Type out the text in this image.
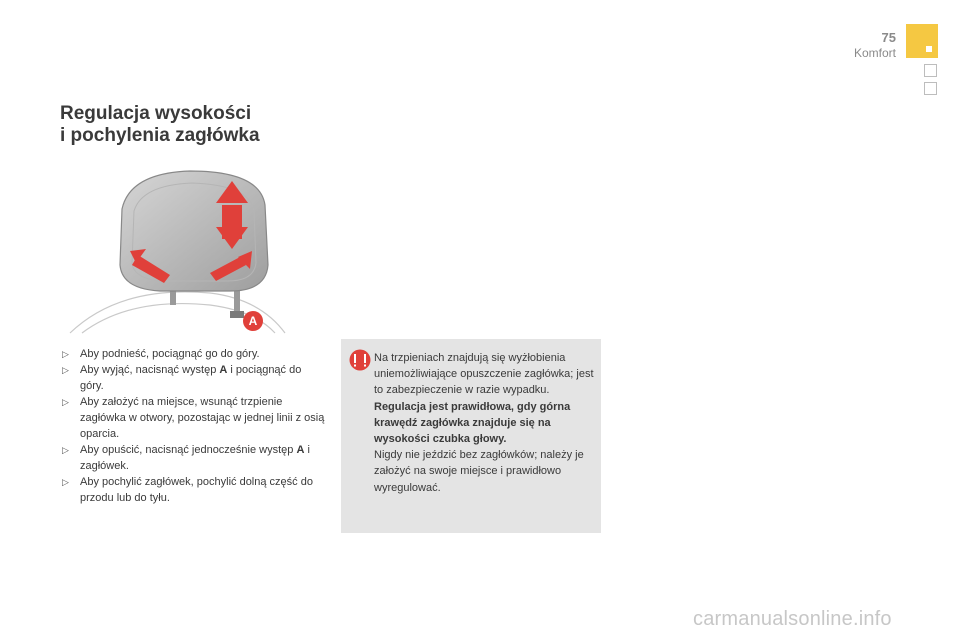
75
Komfort
Regulacja wysokości
i pochylenia zagłówka
A
▷ Aby podnieść, pociągnąć go do góry.
▷ Aby wyjąć, nacisnąć występ A i pociągnąć do góry.
▷ Aby założyć na miejsce, wsunąć trzpienie zagłówka w otwory, pozostając w jednej linii z osią oparcia.
▷ Aby opuścić, nacisnąć jednocześnie występ A i zagłówek.
▷ Aby pochylić zagłówek, pochylić dolną część do przodu lub do tyłu.

Na trzpieniach znajdują się wyżłobienia uniemożliwiające opuszczenie zagłówka; jest to zabezpieczenie w razie wypadku.

Regulacja jest prawidłowa, gdy górna krawędź zagłówka znajduje się na wysokości czubka głowy.

Nigdy nie jeździć bez zagłówków; należy je założyć na swoje miejsce i prawidłowo wyregulować.

carmanualsonline.info
